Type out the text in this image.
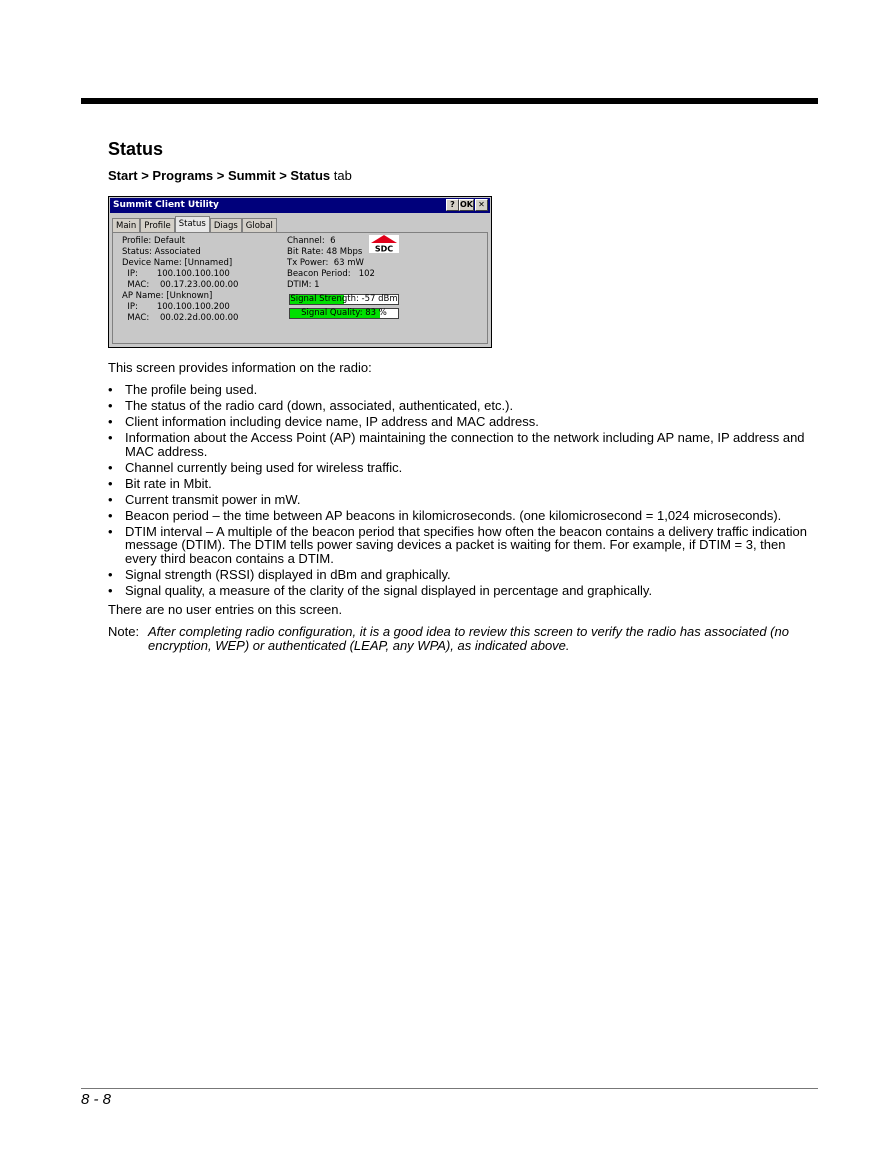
Status
Start > Programs > Summit > Status tab
Summit Client Utility	? OK ✕
Main Profile Status Diags Global
Profile: Default
Status: Associated
Device Name: [Unnamed]
IP:       100.100.100.100
MAC:    00.17.23.00.00.00
AP Name: [Unknown]
IP:       100.100.100.200
MAC:    00.02.2d.00.00.00
Channel:  6
Bit Rate: 48 Mbps
Tx Power:  63 mW
Beacon Period:   102
DTIM: 1
SDC
Signal Strength: -57 dBm
Signal Quality: 83 %
This screen provides information on the radio:
• The profile being used.
• The status of the radio card (down, associated, authenticated, etc.).
• Client information including device name, IP address and MAC address.
• Information about the Access Point (AP) maintaining the connection to the network including AP name, IP address and MAC address.
• Channel currently being used for wireless traffic.
• Bit rate in Mbit.
• Current transmit power in mW.
• Beacon period – the time between AP beacons in kilomicroseconds. (one kilomicrosecond = 1,024 microseconds).
• DTIM interval – A multiple of the beacon period that specifies how often the beacon contains a delivery traffic indication message (DTIM). The DTIM tells power saving devices a packet is waiting for them. For example, if DTIM = 3, then every third beacon contains a DTIM.
• Signal strength (RSSI) displayed in dBm and graphically.
• Signal quality, a measure of the clarity of the signal displayed in percentage and graphically.
There are no user entries on this screen.
Note: After completing radio configuration, it is a good idea to review this screen to verify the radio has associated (no encryption, WEP) or authenticated (LEAP, any WPA), as indicated above.
8 - 8
